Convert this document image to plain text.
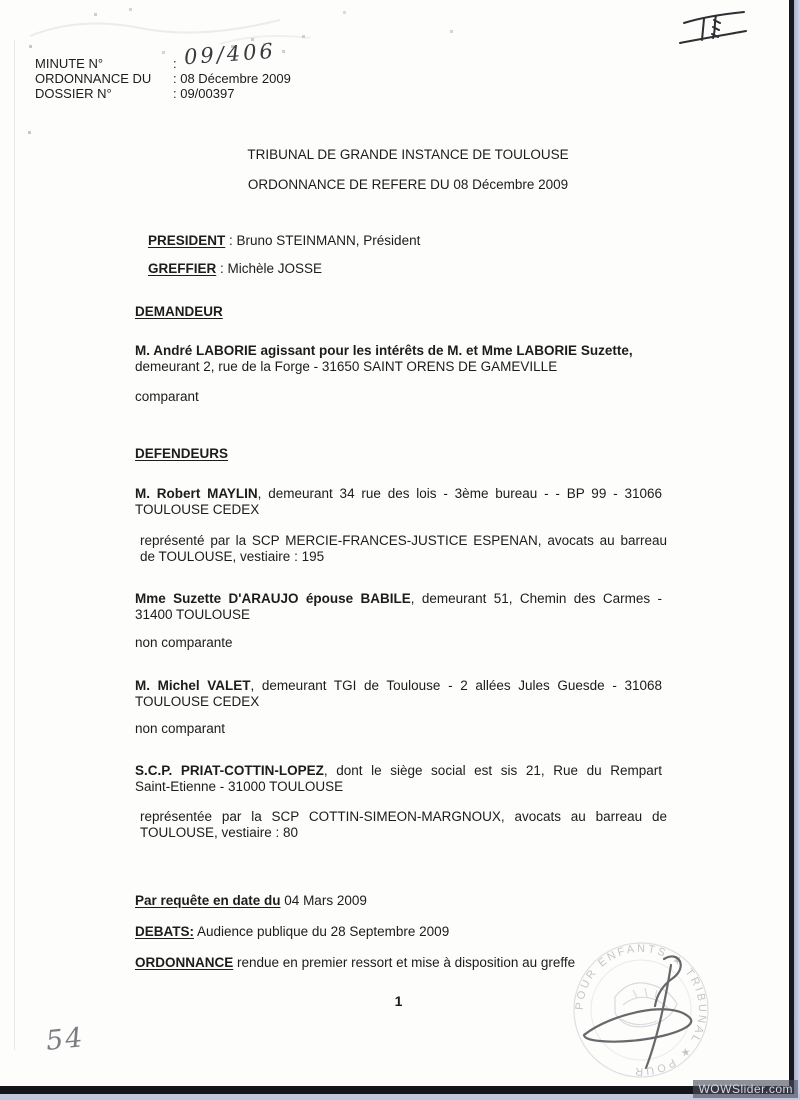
MINUTE N°	:
ORDONNANCE DU : 08 Décembre 2009
DOSSIER N°	: 09/00397
09/406
TRIBUNAL DE GRANDE INSTANCE DE TOULOUSE
ORDONNANCE DE REFERE DU 08 Décembre 2009
PRESIDENT : Bruno STEINMANN, Président
GREFFIER : Michèle JOSSE
DEMANDEUR
M. André LABORIE agissant pour les intérêts de M. et Mme LABORIE Suzette,
demeurant 2, rue de la Forge - 31650 SAINT ORENS DE GAMEVILLE
comparant
DEFENDEURS
M. Robert MAYLIN, demeurant 34 rue des lois - 3ème bureau - - BP 99 - 31066
TOULOUSE CEDEX
représenté par la SCP MERCIE-FRANCES-JUSTICE ESPENAN, avocats au barreau
de TOULOUSE, vestiaire : 195
Mme Suzette D'ARAUJO épouse BABILE, demeurant 51, Chemin des Carmes -
31400 TOULOUSE
non comparante
M. Michel VALET, demeurant TGI de Toulouse - 2 allées Jules Guesde - 31068
TOULOUSE CEDEX
non comparant
S.C.P. PRIAT-COTTIN-LOPEZ, dont le siège social est sis 21, Rue du Rempart
Saint-Etienne - 31000 TOULOUSE
représentée par la SCP COTTIN-SIMEON-MARGNOUX, avocats au barreau de
TOULOUSE, vestiaire : 80
Par requête en date du 04 Mars 2009
DEBATS: Audience publique du 28 Septembre 2009
ORDONNANCE rendue en premier ressort et mise à disposition au greffe
1
54
POUR ENFANTS ★ TRIBUNAL ★ POUR
WOWSlider.com
